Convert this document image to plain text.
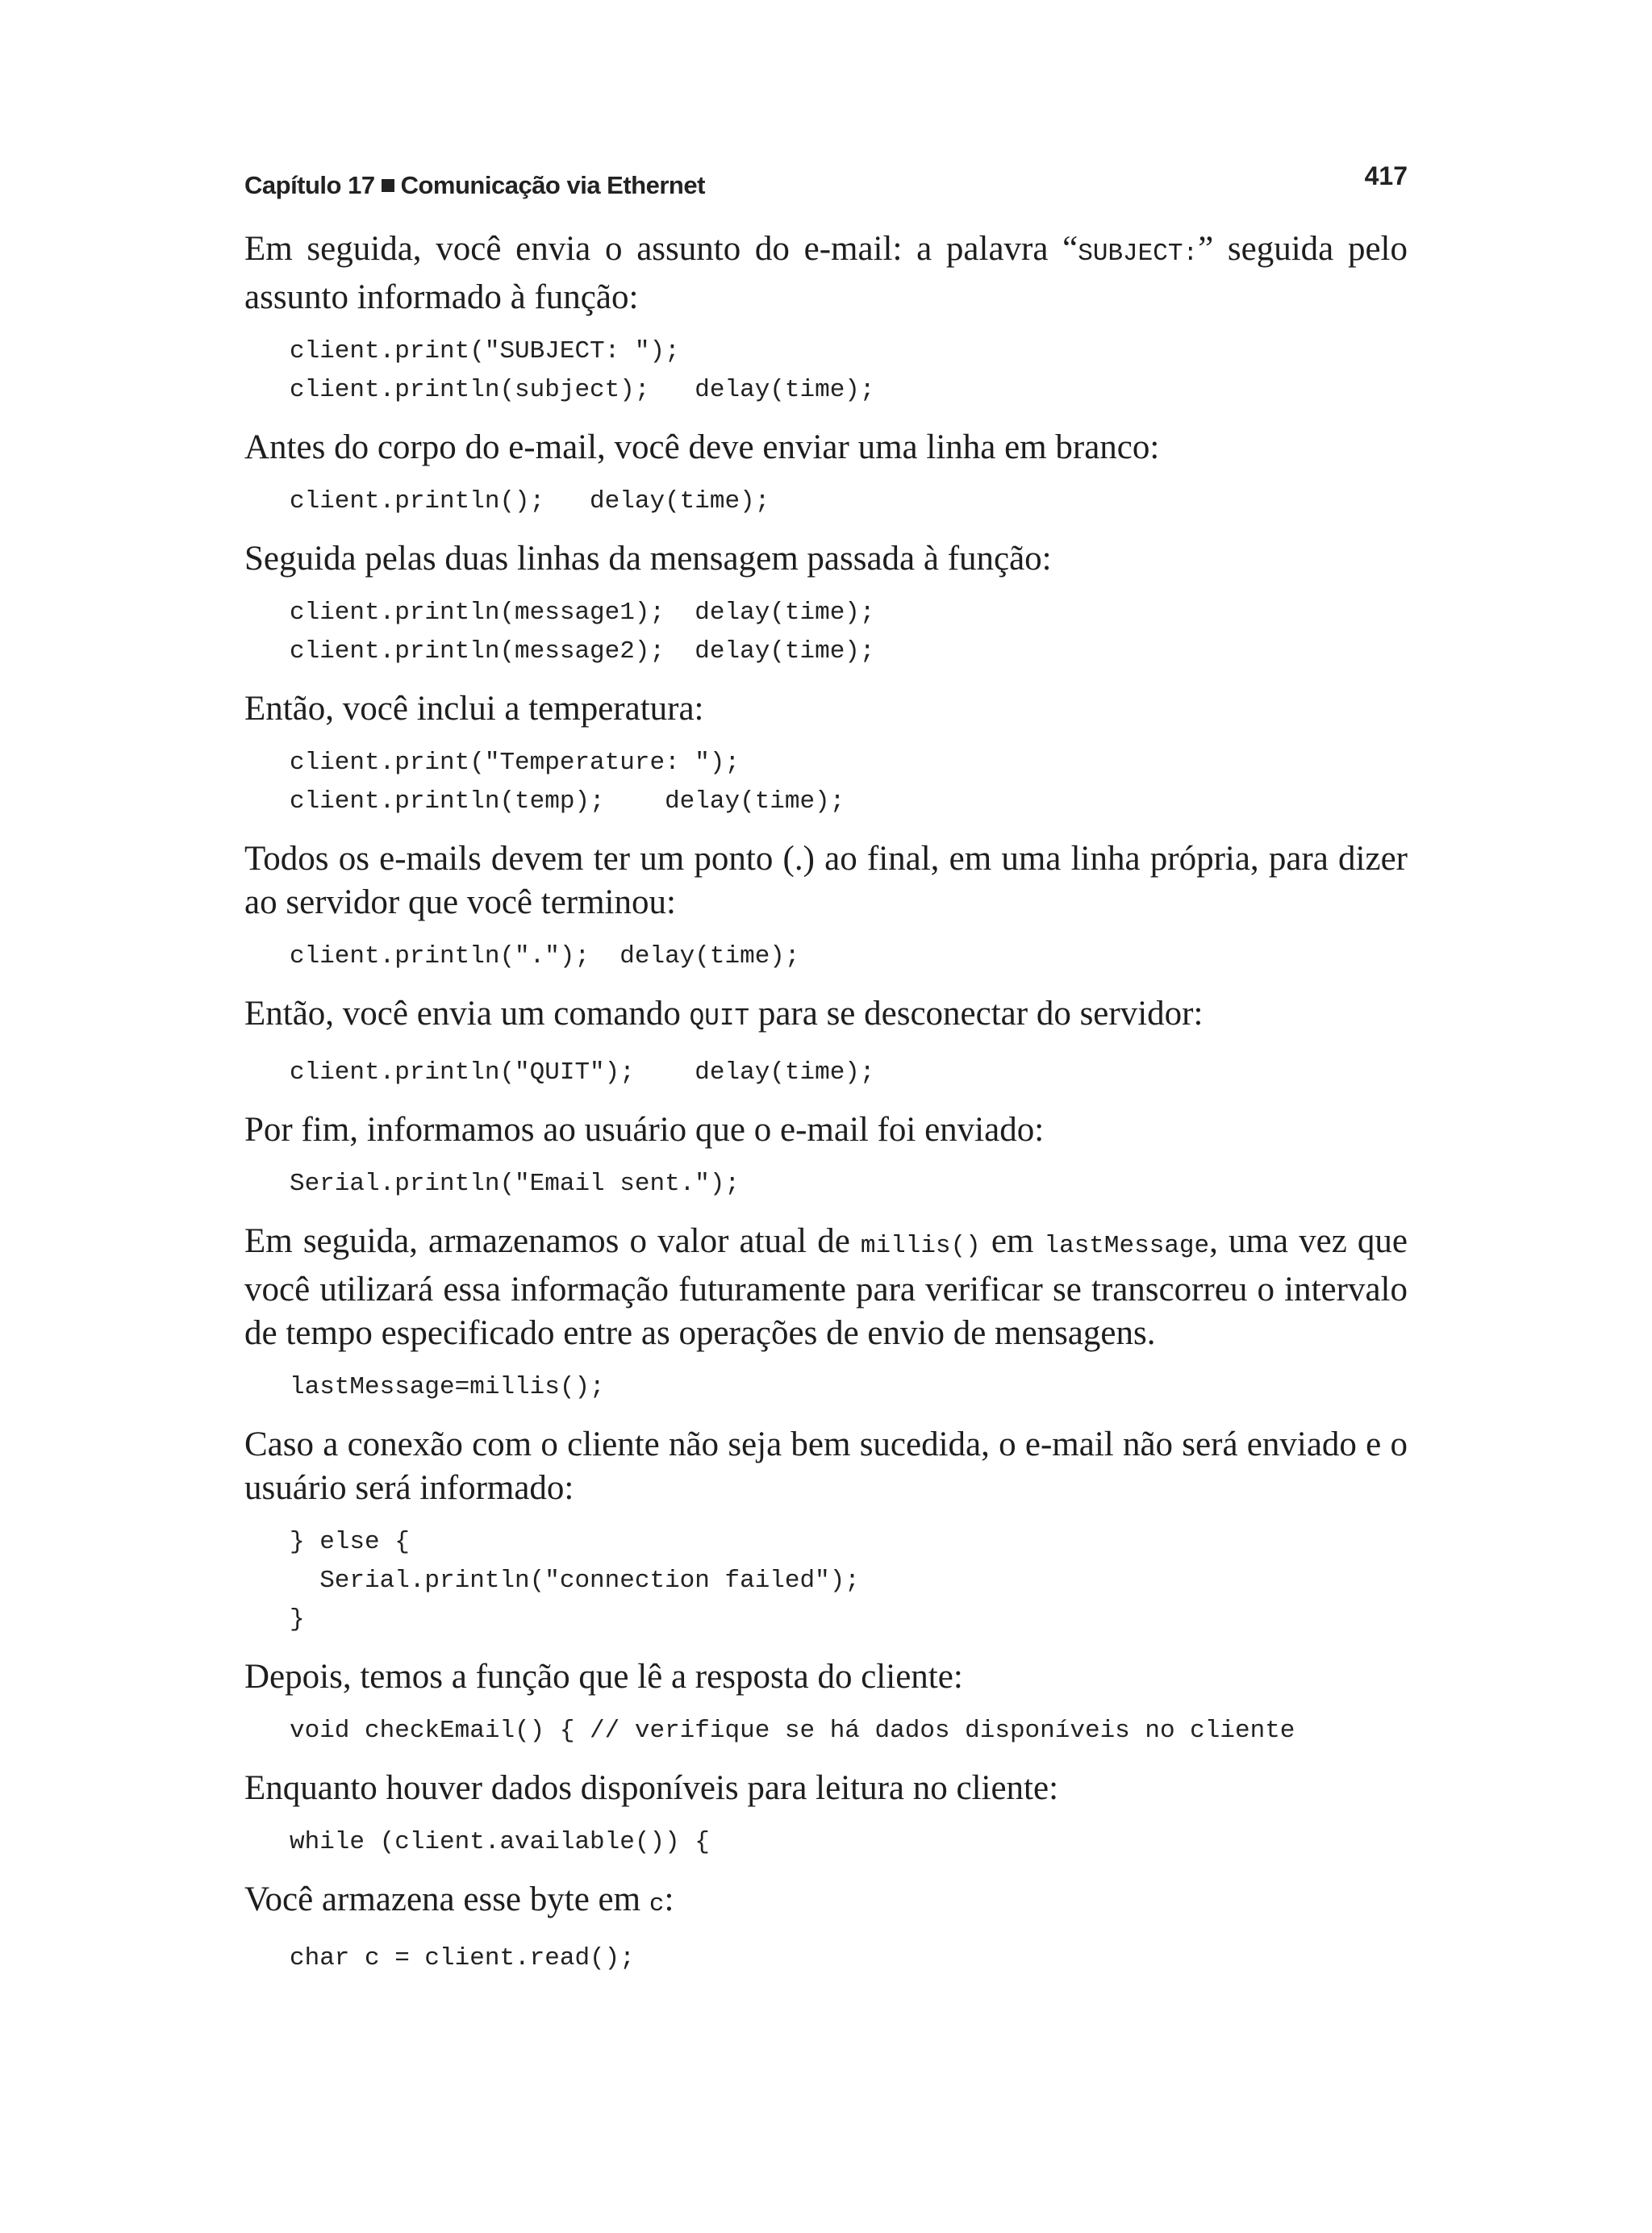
Capítulo 17 Comunicação via Ethernet	417

Em seguida, você envia o assunto do e-mail: a palavra “SUBJECT:” seguida pelo assunto informado à função:

client.print("SUBJECT: ");
client.println(subject);   delay(time);

Antes do corpo do e-mail, você deve enviar uma linha em branco:

client.println();   delay(time);

Seguida pelas duas linhas da mensagem passada à função:

client.println(message1);  delay(time);
client.println(message2);  delay(time);

Então, você inclui a temperatura:

client.print("Temperature: ");
client.println(temp);    delay(time);

Todos os e-mails devem ter um ponto (.) ao final, em uma linha própria, para dizer ao servidor que você terminou:

client.println(".");  delay(time);

Então, você envia um comando QUIT para se desconectar do servidor:

client.println("QUIT");    delay(time);

Por fim, informamos ao usuário que o e-mail foi enviado:

Serial.println("Email sent.");

Em seguida, armazenamos o valor atual de millis() em lastMessage, uma vez que você utilizará essa informação futuramente para verificar se transcorreu o intervalo de tempo especificado entre as operações de envio de mensagens.

lastMessage=millis();

Caso a conexão com o cliente não seja bem sucedida, o e-mail não será enviado e o usuário será informado:

} else {
Serial.println("connection failed");
}

Depois, temos a função que lê a resposta do cliente:

void checkEmail() { // verifique se há dados disponíveis no cliente

Enquanto houver dados disponíveis para leitura no cliente:

while (client.available()) {

Você armazena esse byte em c:

char c = client.read();
